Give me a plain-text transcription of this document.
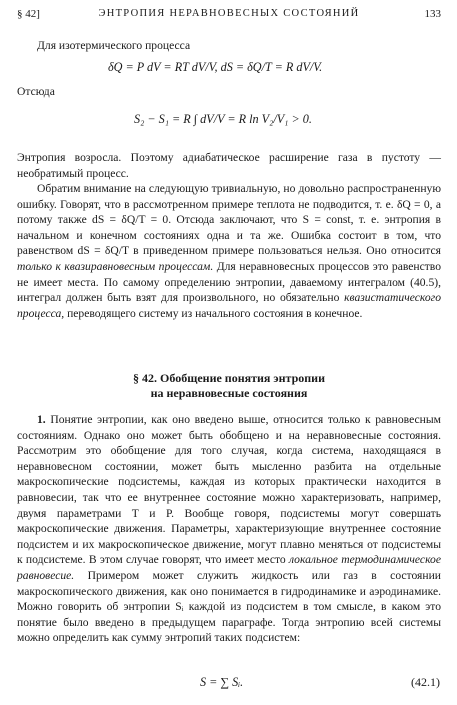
§ 42]	ЭНТРОПИЯ НЕРАВНОВЕСНЫХ СОСТОЯНИЙ	133
Для изотермического процесса
δQ = P dV = RT dV/V, dS = δQ/T = R dV/V.
Отсюда
S₂ − S₁ = R ∫ dV/V = R ln V₂/V₁ > 0.
Энтропия возросла. Поэтому адиабатическое расширение газа в пустоту — необратимый процесс.
Обратим внимание на следующую тривиальную, но довольно распространенную ошибку. Говорят, что в рассмотренном примере теплота не подводится, т. е. δQ = 0, а потому также dS = δQ/T = 0. Отсюда заключают, что S = const, т. е. энтропия в начальном и конечном состояниях одна и та же. Ошибка состоит в том, что равенством dS = δQ/T в приведенном примере пользоваться нельзя. Оно относится только к квазиравновесным процессам. Для неравновесных процессов это равенство не имеет места. По самому определению энтропии, даваемому интегралом (40.5), интеграл должен быть взят для произвольного, но обязательно квазистатического процесса, переводящего систему из начального состояния в конечное.
§ 42. Обобщение понятия энтропии
на неравновесные состояния
1. Понятие энтропии, как оно введено выше, относится только к равновесным состояниям. Однако оно может быть обобщено и на неравновесные состояния. Рассмотрим это обобщение для того случая, когда система, находящаяся в неравновесном состоянии, может быть мысленно разбита на отдельные макроскопические подсистемы, каждая из которых практически находится в равновесии, так что ее внутреннее состояние можно характеризовать, например, двумя параметрами T и P. Вообще говоря, подсистемы могут совершать макроскопические движения. Параметры, характеризующие внутреннее состояние подсистем и их макроскопическое движение, могут плавно меняться от подсистемы к подсистеме. В этом случае говорят, что имеет место локальное термодинамическое равновесие. Примером может служить жидкость или газ в состоянии макроскопического движения, как оно понимается в гидродинамике и аэродинамике. Можно говорить об энтропии Sᵢ каждой из подсистем в том смысле, в каком это понятие было введено в предыдущем параграфе. Тогда энтропию всей системы можно определить как сумму энтропий таких подсистем:
S = ∑ Sᵢ.	(42.1)
